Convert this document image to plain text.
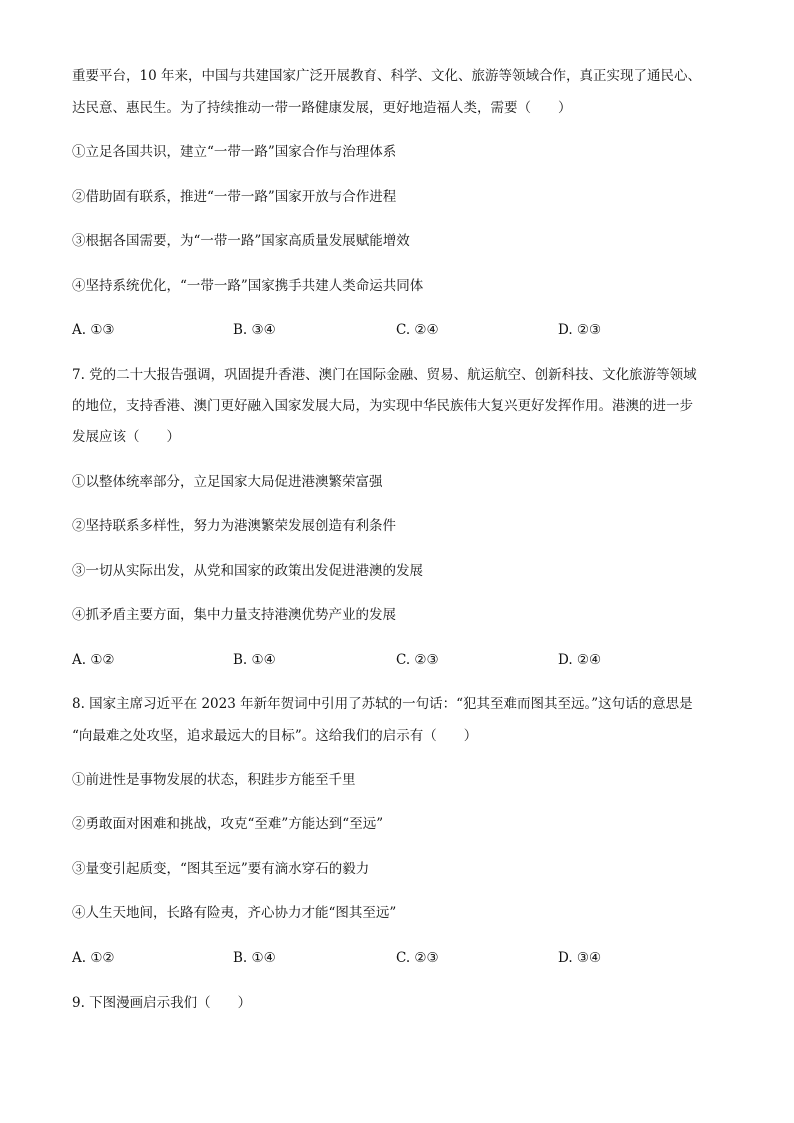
重要平台，10 年来，中国与共建国家广泛开展教育、科学、文化、旅游等领域合作，真正实现了通民心、
达民意、惠民生。为了持续推动一带一路健康发展，更好地造福人类，需要（　　）
①立足各国共识，建立“一带一路”国家合作与治理体系
②借助固有联系，推进“一带一路”国家开放与合作进程
③根据各国需要，为“一带一路”国家高质量发展赋能增效
④坚持系统优化，“一带一路”国家携手共建人类命运共同体
A. ①③	B. ③④	C. ②④	D. ②③
7. 党的二十大报告强调，巩固提升香港、澳门在国际金融、贸易、航运航空、创新科技、文化旅游等领域
的地位，支持香港、澳门更好融入国家发展大局，为实现中华民族伟大复兴更好发挥作用。港澳的进一步
发展应该（　　）
①以整体统率部分，立足国家大局促进港澳繁荣富强
②坚持联系多样性，努力为港澳繁荣发展创造有利条件
③一切从实际出发，从党和国家的政策出发促进港澳的发展
④抓矛盾主要方面，集中力量支持港澳优势产业的发展
A. ①②	B. ①④	C. ②③	D. ②④
8. 国家主席习近平在 2023 年新年贺词中引用了苏轼的一句话：“犯其至难而图其至远。”这句话的意思是
“向最难之处攻坚，追求最远大的目标”。这给我们的启示有（　　）
①前进性是事物发展的状态，积跬步方能至千里
②勇敢面对困难和挑战，攻克“至难”方能达到“至远”
③量变引起质变，“图其至远”要有滴水穿石的毅力
④人生天地间，长路有险夷，齐心协力才能“图其至远”
A. ①②	B. ①④	C. ②③	D. ③④
9. 下图漫画启示我们（　　）
